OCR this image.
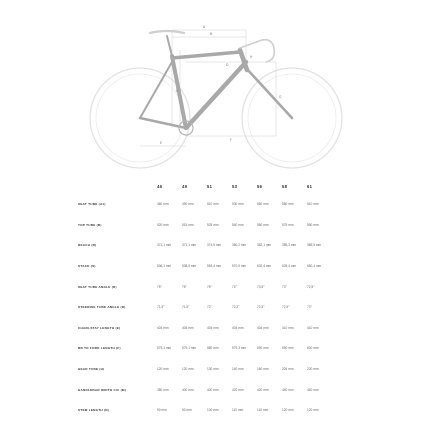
A
B
C
D
E
F
G
H
	46	49	51	53	56	58	61
SEAT TUBE (A1)	460 mm	490 mm	510 mm	530 mm	560 mm	580 mm	610 mm
TOP TUBE (B)	520 mm	515 mm	525 mm	540 mm	560 mm	575 mm	590 mm
REACH (B)	371,1 mm	371,1 mm	374,5 mm	380,2 mm	382,1 mm	385,3 mm	389,5 mm
STACK (S)	506,1 mm	538,5 mm	553,4 mm	570,9 mm	602,4 mm	625,4 mm	650,4 mm
SEAT TUBE ANGLE (D)	75°	75°	75°	74°	73,5°	73°	72,5°
STEERING TUBE ANGLE (D)	71,5°	71,5°	72°	72,3°	72,5°	72,5°	73°
CHAIN-STAY LENGTH (E)	404 mm	404 mm	404 mm	404 mm	404 mm	410 mm	410 mm
BB TO FORK LENGTH (F)	579,1 mm	579,1 mm	580 mm	579,3 mm	590 mm	590 mm	600 mm
HEAD TUBE (H)	120 mm	120 mm	130 mm	140 mm	160 mm	204 mm	220 mm
HANDLEBAR WIDTH C/C (M)	380 mm	400 mm	400 mm	420 mm	420 mm	440 mm	440 mm
STEM LENGTH (N)	90 mm	90 mm	100 mm	110 mm	110 mm	120 mm	120 mm
